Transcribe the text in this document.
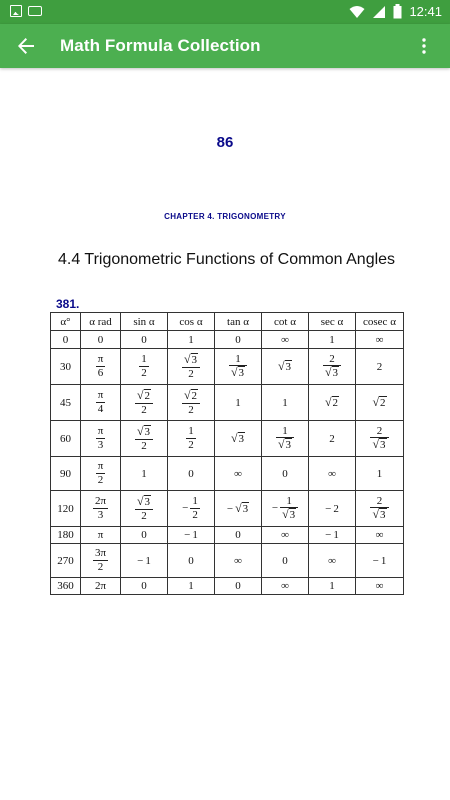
12:41
Math Formula Collection
86
CHAPTER 4. TRIGONOMETRY
4.4 Trigonometric Functions of Common Angles
381.
α°	α rad	sin α	cos α	tan α	cot α	sec α	cosec α
0	0	0	1	0	∞	1	∞
30	$\frac{\pi}{6}$	$\frac{1}{2}$	$\frac{√3}{2}$	$\frac{1}{√3}$	√3	$\frac{2}{√3}$	2
45	$\frac{\pi}{4}$	$\frac{√2}{2}$	$\frac{√2}{2}$	1	1	√2	√2
60	$\frac{\pi}{3}$	$\frac{√3}{2}$	$\frac{1}{2}$	√3	$\frac{1}{√3}$	2	$\frac{2}{√3}$

90	$\frac{\pi}{2}$	1	0	∞	0	∞	1
120	$\frac{2\pi}{3}$	$\frac{√3}{2}$	− $\frac{1}{2}$	− √3	− $\frac{1}{√3}$	− 2	$\frac{2}{√3}$

180	π	0	− 1	0	∞	− 1	∞
270	$\frac{3\pi}{2}$	− 1	0	∞	0	∞	− 1
360	2π	0	1	0	∞	1	∞
